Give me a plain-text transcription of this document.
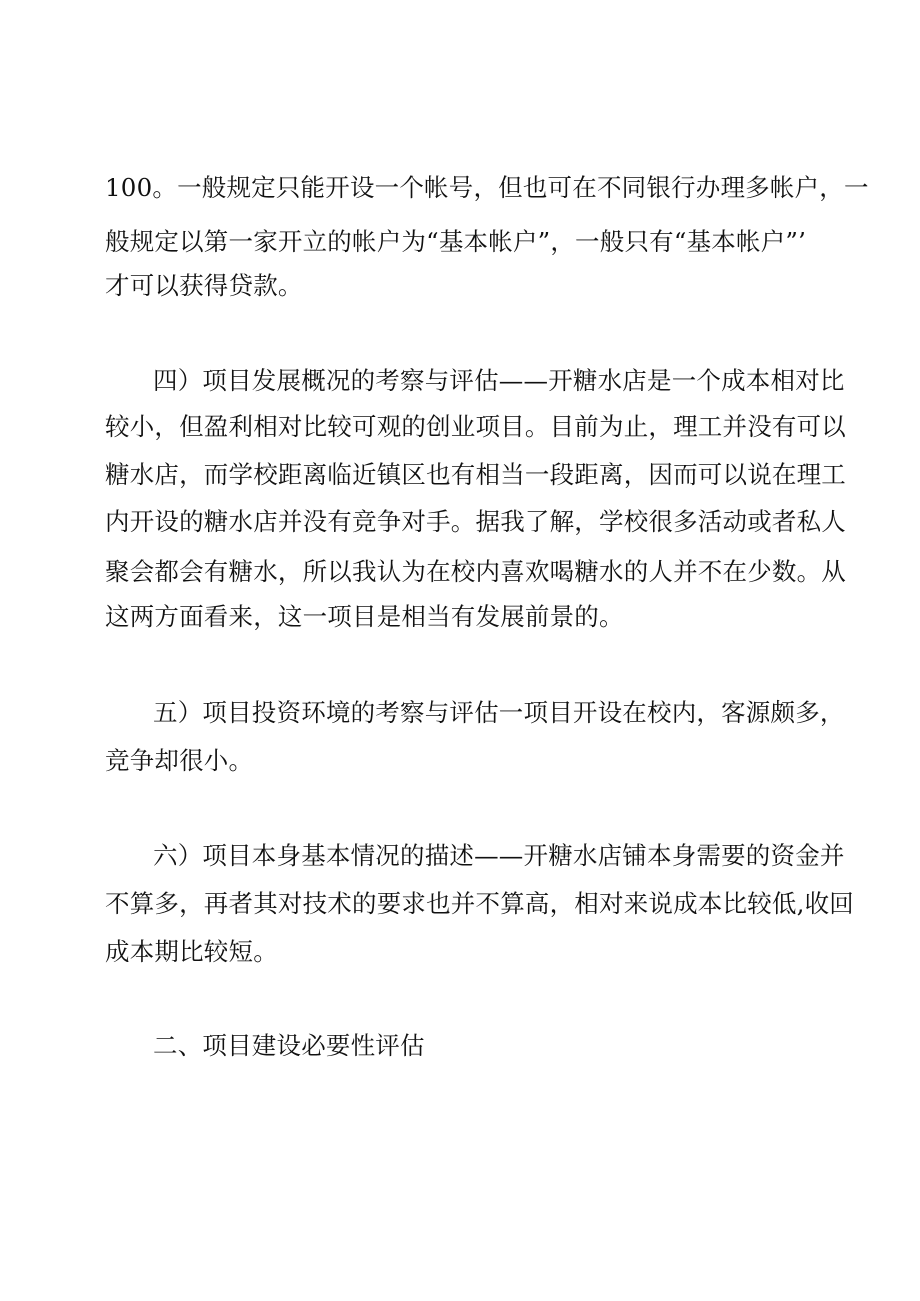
100。一般规定只能开设一个帐号，但也可在不同银行办理多帐户，一
般规定以第一家开立的帐户为“基本帐户”，一般只有“基本帐户”’
才可以获得贷款。
四）项目发展概况的考察与评估——开糖水店是一个成本相对比
较小，但盈利相对比较可观的创业项目。目前为止，理工并没有可以
糖水店，而学校距离临近镇区也有相当一段距离，因而可以说在理工
内开设的糖水店并没有竞争对手。据我了解，学校很多活动或者私人
聚会都会有糖水，所以我认为在校内喜欢喝糖水的人并不在少数。从
这两方面看来，这一项目是相当有发展前景的。
五）项目投资环境的考察与评估一项目开设在校内，客源颇多，
竞争却很小。
六）项目本身基本情况的描述——开糖水店铺本身需要的资金并
不算多，再者其对技术的要求也并不算高，相对来说成本比较低,收回
成本期比较短。
二、项目建设必要性评估
